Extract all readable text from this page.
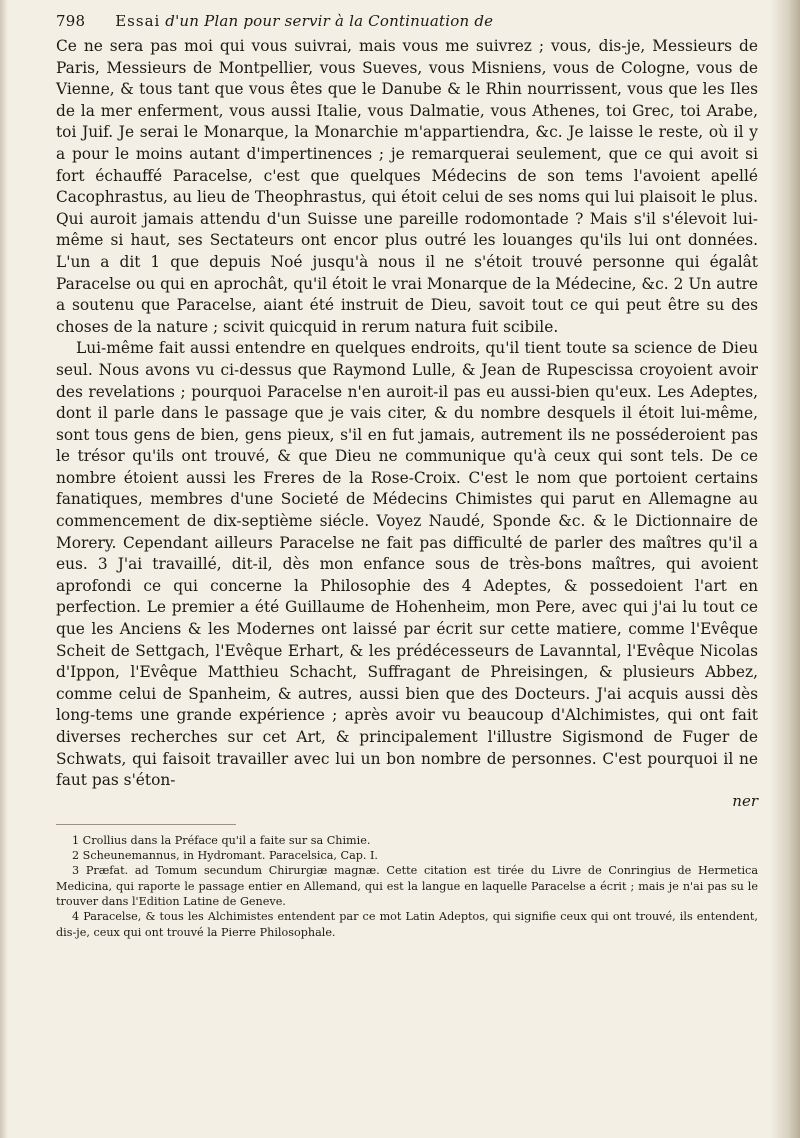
798 Essai d'un Plan pour servir à la Continuation de

Ce ne sera pas moi qui vous suivrai, mais vous me suivrez ; vous, dis-je, Messieurs de Paris, Messieurs de Montpellier, vous Sueves, vous Misniens, vous de Cologne, vous de Vienne, & tous tant que vous êtes que le Danube & le Rhin nourrissent, vous que les Iles de la mer enferment, vous aussi Italie, vous Dalmatie, vous Athenes, toi Grec, toi Arabe, toi Juif. Je serai le Monarque, la Monarchie m'appartiendra, &c. Je laisse le reste, où il y a pour le moins autant d'impertinences ; je remarquerai seulement, que ce qui avoit si fort échauffé Paracelse, c'est que quelques Médecins de son tems l'avoient apellé Cacophrastus, au lieu de Theophrastus, qui étoit celui de ses noms qui lui plaisoit le plus. Qui auroit jamais attendu d'un Suisse une pareille rodomontade ? Mais s'il s'élevoit lui-même si haut, ses Sectateurs ont encor plus outré les louanges qu'ils lui ont données. L'un a dit 1 que depuis Noé jusqu'à nous il ne s'étoit trouvé personne qui égalât Paracelse ou qui en aprochât, qu'il étoit le vrai Monarque de la Médecine, &c. 2 Un autre a soutenu que Paracelse, aiant été instruit de Dieu, savoit tout ce qui peut être su des choses de la nature ; scivit quicquid in rerum natura fuit scibile.

Lui-même fait aussi entendre en quelques endroits, qu'il tient toute sa science de Dieu seul. Nous avons vu ci-dessus que Raymond Lulle, & Jean de Rupescissa croyoient avoir des revelations ; pourquoi Paracelse n'en auroit-il pas eu aussi-bien qu'eux. Les Adeptes, dont il parle dans le passage que je vais citer, & du nombre desquels il étoit lui-même, sont tous gens de bien, gens pieux, s'il en fut jamais, autrement ils ne posséderoient pas le trésor qu'ils ont trouvé, & que Dieu ne communique qu'à ceux qui sont tels. De ce nombre étoient aussi les Freres de la Rose-Croix. C'est le nom que portoient certains fanatiques, membres d'une Societé de Médecins Chimistes qui parut en Allemagne au commencement de dix-septième siécle. Voyez Naudé, Sponde &c. & le Dictionnaire de Morery. Cependant ailleurs Paracelse ne fait pas difficulté de parler des maîtres qu'il a eus. 3 J'ai travaillé, dit-il, dès mon enfance sous de très-bons maîtres, qui avoient aprofondi ce qui concerne la Philosophie des 4 Adeptes, & possedoient l'art en perfection. Le premier a été Guillaume de Hohenheim, mon Pere, avec qui j'ai lu tout ce que les Anciens & les Modernes ont laissé par écrit sur cette matiere, comme l'Evêque Scheit de Settgach, l'Evêque Erhart, & les prédécesseurs de Lavanntal, l'Evêque Nicolas d'Ippon, l'Evêque Matthieu Schacht, Suffragant de Phreisingen, & plusieurs Abbez, comme celui de Spanheim, & autres, aussi bien que des Docteurs. J'ai acquis aussi dès long-tems une grande expérience ; après avoir vu beaucoup d'Alchimistes, qui ont fait diverses recherches sur cet Art, & principalement l'illustre Sigismond de Fuger de Schwats, qui faisoit travailler avec lui un bon nombre de personnes. C'est pourquoi il ne faut pas s'éton-

ner

1 Crollius dans la Préface qu'il a faite sur sa Chimie.

2 Scheunemannus, in Hydromant. Paracelsica, Cap. I.

3 Præfat. ad Tomum secundum Chirurgiæ magnæ. Cette citation est tirée du Livre de Conringius de Hermetica Medicina, qui raporte le passage entier en Allemand, qui est la langue en laquelle Paracelse a écrit ; mais je n'ai pas su le trouver dans l'Edition Latine de Geneve.

4 Paracelse, & tous les Alchimistes entendent par ce mot Latin Adeptos, qui signifie ceux qui ont trouvé, ils entendent, dis-je, ceux qui ont trouvé la Pierre Philosophale.
